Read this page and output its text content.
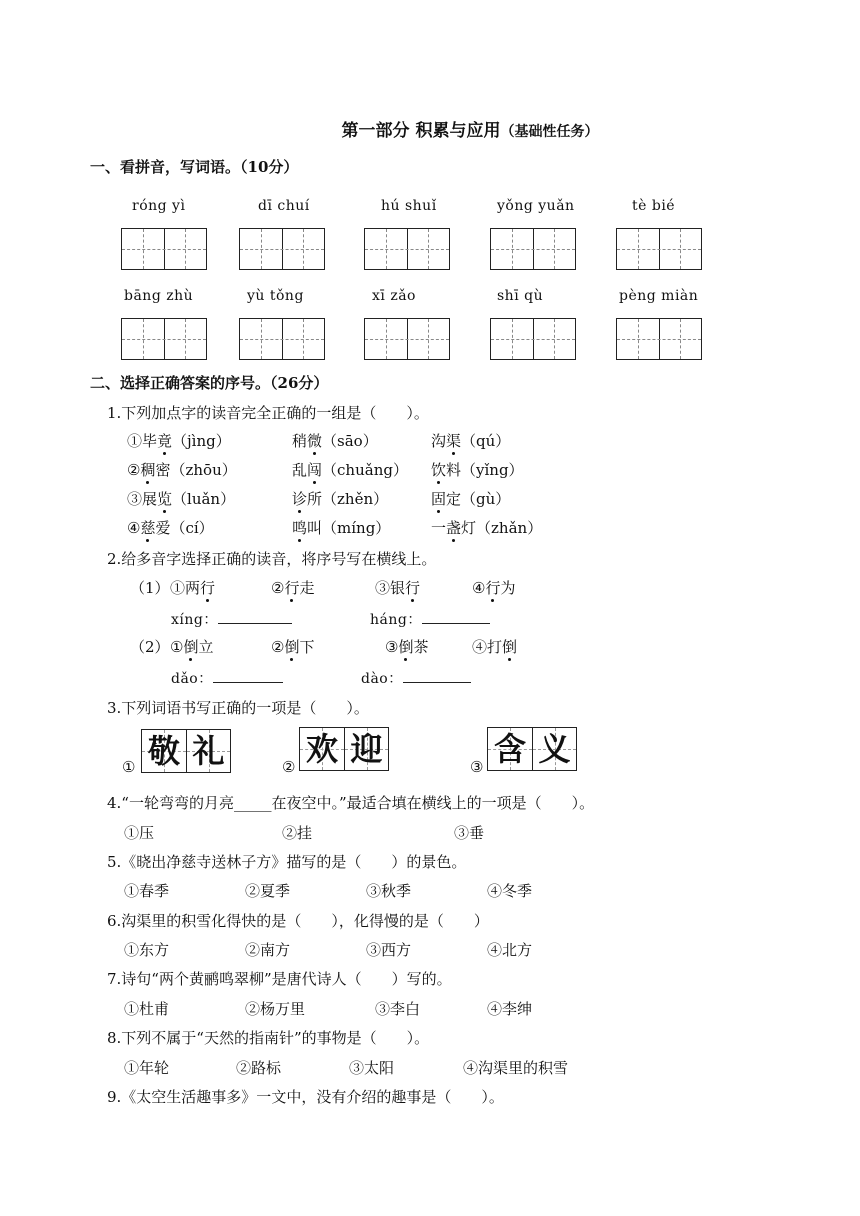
第一部分 积累与应用（基础性任务）
一、看拼音，写词语。（10分）
róng yì	dī chuí	hú shuǐ	yǒng yuǎn	tè bié
bāng zhù	yù tǒng	xī zǎo	shī qù	pèng miàn
二、选择正确答案的序号。（26分）
1.下列加点字的读音完全正确的一组是（　　）。
①毕竟（jìng）	稍微（sāo）	沟渠（qú）
②稠密（zhōu）	乱闯（chuǎng） 饮料（yǐng）
③展览（luǎn）	诊所（zhěn）	固定（gù）
④慈爱（cí）	鸣叫（míng）	一盏灯（zhǎn）
2.给多音字选择正确的读音，将序号写在横线上。
（1） ①两行	②行走	③银行	④行为
xíng：	háng：
（2） ①倒立	②倒下	③倒茶	④打倒
dǎo：	dào：
3.下列词语书写正确的一项是（　　）。
① 敬 礼	② 欢 迎	③ 含 义
4.“一轮弯弯的月亮_____在夜空中。”最适合填在横线上的一项是（　　）。
①压	②挂	③垂
5.《晓出净慈寺送林子方》描写的是（　　）的景色。
①春季	②夏季	③秋季	④冬季
6.沟渠里的积雪化得快的是（　　），化得慢的是（　　）
①东方	②南方	③西方	④北方
7.诗句“两个黄鹂鸣翠柳”是唐代诗人（　　）写的。
①杜甫	②杨万里	③李白	④李绅
8.下列不属于“天然的指南针”的事物是（　　）。
①年轮	②路标	③太阳	④沟渠里的积雪
9.《太空生活趣事多》一文中，没有介绍的趣事是（　　）。
